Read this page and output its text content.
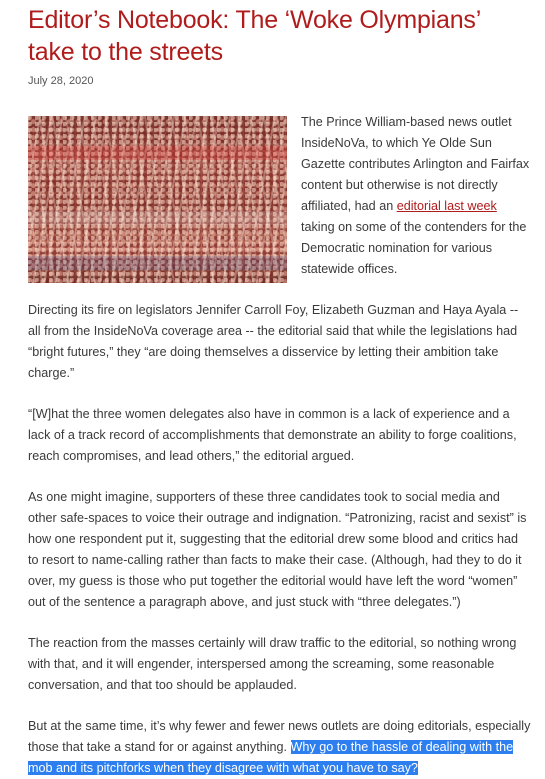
Editor’s Notebook: The ‘Woke Olympians’ take to the streets
July 28, 2020

The Prince William-based news outlet InsideNoVa, to which Ye Olde Sun Gazette contributes Arlington and Fairfax content but otherwise is not directly affiliated, had an editorial last week taking on some of the contenders for the Democratic nomination for various statewide offices.

Directing its fire on legislators Jennifer Carroll Foy, Elizabeth Guzman and Haya Ayala -- all from the InsideNoVa coverage area -- the editorial said that while the legislations had “bright futures,” they “are doing themselves a disservice by letting their ambition take charge.”

“[W]hat the three women delegates also have in common is a lack of experience and a lack of a track record of accomplishments that demonstrate an ability to forge coalitions, reach compromises, and lead others,” the editorial argued.

As one might imagine, supporters of these three candidates took to social media and other safe-spaces to voice their outrage and indignation. “Patronizing, racist and sexist” is how one respondent put it, suggesting that the editorial drew some blood and critics had to resort to name-calling rather than facts to make their case. (Although, had they to do it over, my guess is those who put together the editorial would have left the word “women” out of the sentence a paragraph above, and just stuck with “three delegates.”)

The reaction from the masses certainly will draw traffic to the editorial, so nothing wrong with that, and it will engender, interspersed among the screaming, some reasonable conversation, and that too should be applauded.

But at the same time, it’s why fewer and fewer news outlets are doing editorials, especially those that take a stand for or against anything. Why go to the hassle of dealing with the mob and its pitchforks when they disagree with what you have to say?
